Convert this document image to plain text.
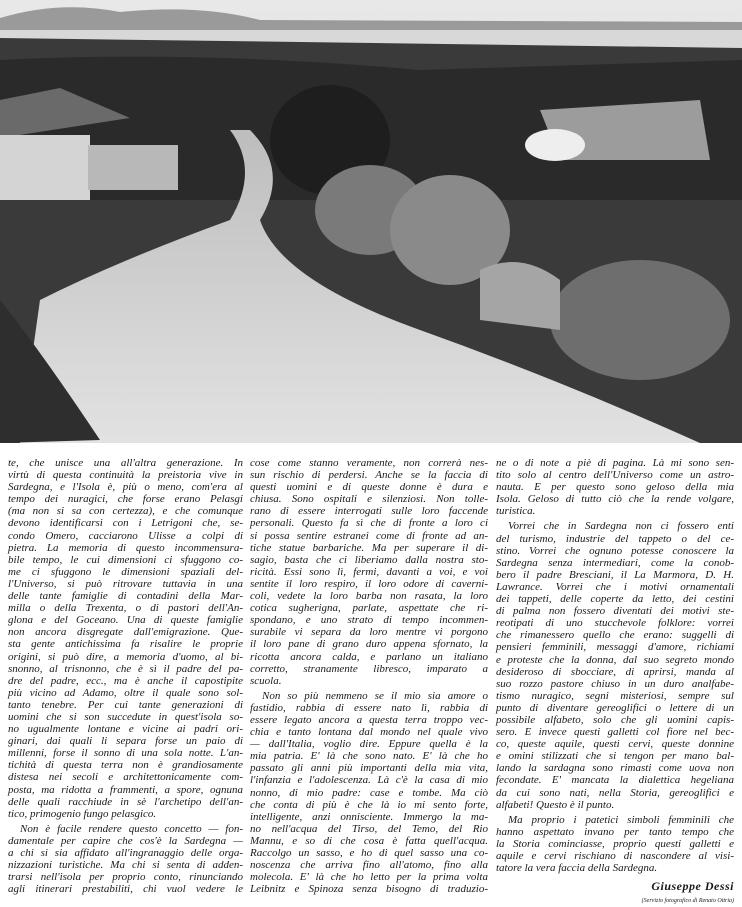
te, che unisce una all'altra generazione. In
virtù di questa continuità la preistoria vive in
Sardegna, e l'Isola è, più o meno, com'era al
tempo dei nuragici, che forse erano Pelasgi
(ma non si sa con certezza), e che comunque
devono identificarsi con i Letrigoni che, se-
condo Omero, cacciarono Ulisse a colpi di
pietra. La memoria di questo incommensura-
bile tempo, le cui dimensioni ci sfuggono co-
me ci sfuggono le dimensioni spaziali del-
l'Universo, si può ritrovare tuttavia in una
delle tante famiglie di contadini della Mar-
milla o della Trexenta, o di pastori dell'An-
glona e del Goceano. Una di queste famiglie
non ancora disgregate dall'emigrazione. Que-
sta gente antichissima fa risalire le proprie
origini, si può dire, a memoria d'uomo, al bi-
snonno, al trisnonno, che è sì il padre del pa-
dre del padre, ecc., ma è anche il capostipite
più vicino ad Adamo, oltre il quale sono sol-
tanto tenebre. Per cui tante generazioni di
uomini che si son succedute in quest'isola so-
no ugualmente lontane e vicine ai padri ori-
ginari, dai quali li separa forse un paio di
millenni, forse il sonno di una sola notte. L'an-
tichità di questa terra non è grandiosamente
distesa nei secoli e architettonicamente com-
posta, ma ridotta a frammenti, a spore, ognuna
delle quali racchiude in sè l'archetipo dell'an-
tico, primogenio fungo pelasgico.
Non è facile rendere questo concetto — fon-
damentale per capire che cos'è la Sardegna —
a chi si sia affidato all'ingranaggio delle orga-
nizzazioni turistiche. Ma chi si senta di adden-
trarsi nell'isola per proprio conto, rinunciando
agli itinerari prestabiliti, chi vuol vedere le
cose come stanno veramente, non correrà nes-
sun rischio di perdersi. Anche se la faccia di
questi uomini e di queste donne è dura e
chiusa. Sono ospitali e silenziosi. Non tolle-
rano di essere interrogati sulle loro faccende
personali. Questo fa sì che di fronte a loro ci
si possa sentire estranei come di fronte ad an-
tiche statue barbariche. Ma per superare il di-
sagio, basta che ci liberiamo dalla nostra sto-
ricità. Essi sono lì, fermi, davanti a voi, e voi
sentite il loro respiro, il loro odore di caverni-
coli, vedete la loro barba non rasata, la loro
cotica sugherigna, parlate, aspettate che ri-
spondano, e uno strato di tempo incommen-
surabile vi separa da loro mentre vi porgono
il loro pane di grano duro appena sfornato, la
ricotta ancora calda, e parlano un italiano
corretto, stranamente libresco, imparato a
scuola.
Non so più nemmeno se il mio sia amore o
fastidio, rabbia di essere nato lì, rabbia di
essere legato ancora a questa terra troppo vec-
chia e tanto lontana dal mondo nel quale vivo
— dall'Italia, voglio dire. Eppure quella è la
mia patria. E' là che sono nato. E' là che ho
passato gli anni più importanti della mia vita,
l'infanzia e l'adolescenza. Là c'è la casa di mio
nonno, di mio padre: case e tombe. Ma ciò
che conta di più è che là io mi sento forte,
intelligente, anzi onnisciente. Immergo la ma-
no nell'acqua del Tirso, del Temo, del Rio
Mannu, e so di che cosa è fatta quell'acqua.
Raccolgo un sasso, e ho di quel sasso una co-
noscenza che arriva fino all'atomo, fino alla
molecola. E' là che ho letto per la prima volta
Leibnitz e Spinoza senza bisogno di traduzio-
ne o di note a piè di pagina. Là mi sono sen-
tito solo al centro dell'Universo come un astro-
nauta. E per questo sono geloso della mia
Isola. Geloso di tutto ciò che la rende volgare,
turistica.
Vorrei che in Sardegna non ci fossero enti
del turismo, industrie del tappeto o del ce-
stino. Vorrei che ognuno potesse conoscere la
Sardegna senza intermediari, come la conob-
bero il padre Bresciani, il La Marmora, D. H.
Lawrance. Vorrei che i motivi ornamentali
dei tappeti, delle coperte da letto, dei cestini
di palma non fossero diventati dei motivi ste-
reotipati di uno stucchevole folklore: vorrei
che rimanessero quello che erano: suggelli di
pensieri femminili, messaggi d'amore, richiami
e proteste che la donna, dal suo segreto mondo
desideroso di sbocciare, di aprirsi, manda al
suo rozzo pastore chiuso in un duro analfabe-
tismo nuragico, segni misteriosi, sempre sul
punto di diventare gereoglifici o lettere di un
possibile alfabeto, solo che gli uomini capis-
sero. E invece questi galletti col fiore nel bec-
co, queste aquile, questi cervi, queste donnine
e omini stilizzati che si tengon per mano bal-
lando la sardagna sono rimasti come uova non
fecondate. E' mancata la dialettica hegeliana
da cui sono nati, nella Storia, gereoglifici e
alfabeti! Questo è il punto.
Ma proprio i patetici simboli femminili che
hanno aspettato invano per tanto tempo che
la Storia cominciasse, proprio questi galletti e
aquile e cervi rischiano di nascondere al visi-
tatore la vera faccia della Sardegna.
Giuseppe Dessi
(Servizio fotografico di Renato Ottria)
